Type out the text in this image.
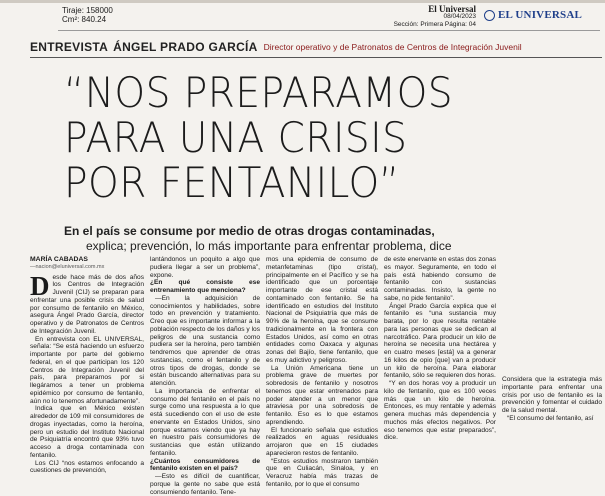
Tiraje: 158000
Cm²: 840.24
El Universal
08/04/2023
Sección: Primera Página: 04
EL UNIVERSAL
ENTREVISTA ÁNGEL PRADO GARCÍA Director operativo y de Patronatos de Centros de Integración Juvenil
“NOS PREPARAMOS
PARA UNA CRISIS
POR FENTANILO”
En el país se consume por medio de otras drogas contaminadas,
explica; prevención, lo más importante para enfrentar problema, dice

MARÍA CABADAS

—nacion@eluniversal.com.mx

Desde hace más de dos años los Centros de Integración Juvenil (CIJ) se preparan para enfrentar una posible crisis de salud por consumo de fentanilo en México, asegura Ángel Prado García, director operativo y de Patronatos de Centros de Integración Juvenil.

En entrevista con EL UNIVERSAL, señala: “Se está haciendo un esfuerzo importante por parte del gobierno federal, en el que participan los 120 Centros de Integración Juvenil del país, para prepararnos por si llegáramos a tener un problema epidémico por consumo de fentanilo, aún no lo tenemos afortunadamente”.

Indica que en México existen alrededor de 109 mil consumidores de drogas inyectadas, como la heroína, pero un estudio del Instituto Nacional de Psiquiatría encontró que 93% tuvo acceso a droga contaminada con fentanilo.

Los CIJ “nos estamos enfocando a cuestiones de prevención,

lantándonos un poquito a algo que pudiera llegar a ser un problema”, expone.

¿En qué consiste ese entrenamiento que menciona?

—En la adquisición de conocimientos y habilidades, sobre todo en prevención y tratamiento. Creo que es importante informar a la población respecto de los daños y los peligros de una sustancia como pudiera ser la heroína, pero también tendremos que aprender de otras sustancias, como el fentanilo y de otros tipos de drogas, donde se están buscando alternativas para su atención.

La importancia de enfrentar el consumo del fentanilo en el país no surge como una respuesta a lo que está sucediendo con el uso de este enervante en Estados Unidos, sino porque estamos viendo que ya hay en nuestro país consumidores de sustancias que están utilizando fentanilo.

¿Cuántos consumidores de fentanilo existen en el país?

—Esto es difícil de cuantificar, porque la gente no sabe que está consumiendo fentanilo. Tene-

mos una epidemia de consumo de metanfetaminas (tipo cristal), principalmente en el Pacífico y se ha identificado que un porcentaje importante de ese cristal está contaminado con fentanilo. Se ha identificado en estudios del Instituto Nacional de Psiquiatría que más de 90% de la heroína, que se consume tradicionalmente en la frontera con Estados Unidos, así como en otras entidades como Oaxaca y algunas zonas del Bajío, tiene fentanilo, que es muy adictivo y peligroso.

La Unión Americana tiene un problema grave de muertes por sobredosis de fentanilo y nosotros tenemos que estar entrenados para poder atender a un menor que atraviesa por una sobredosis de fentanilo. Eso es lo que estamos aprendiendo.

El funcionario señala que estudios realizados en aguas residuales arrojaron que en 15 ciudades aparecieron restos de fentanilo.

“Estos estudios mostraron también que en Culiacán, Sinaloa, y en Veracruz había más trazas de fentanilo, por lo que el consumo

de este enervante en estas dos zonas es mayor. Seguramente, en todo el país está habiendo consumo de fentanilo con sustancias contaminadas. Insisto, la gente no sabe, no pide fentanilo”.

Ángel Prado García explica que el fentanilo es “una sustancia muy barata, por lo que resulta rentable para las personas que se dedican al narcotráfico. Para producir un kilo de heroína se necesita una hectárea y en cuatro meses [está] va a generar 16 kilos de opio [que] van a producir un kilo de heroína. Para elaborar fentanilo, sólo se requieren dos horas.

“Y en dos horas voy a producir un kilo de fentanilo, que es 100 veces más que un kilo de heroína. Entonces, es muy rentable y además genera muchas más dependencia y muchos más efectos negativos. Por eso tenemos que estar preparados”, dice.

Considera que la estrategia más importante para enfrentar una crisis por uso de fentanilo es la prevención y fomentar el cuidado de la salud mental.

“El consumo del fentanilo, así
